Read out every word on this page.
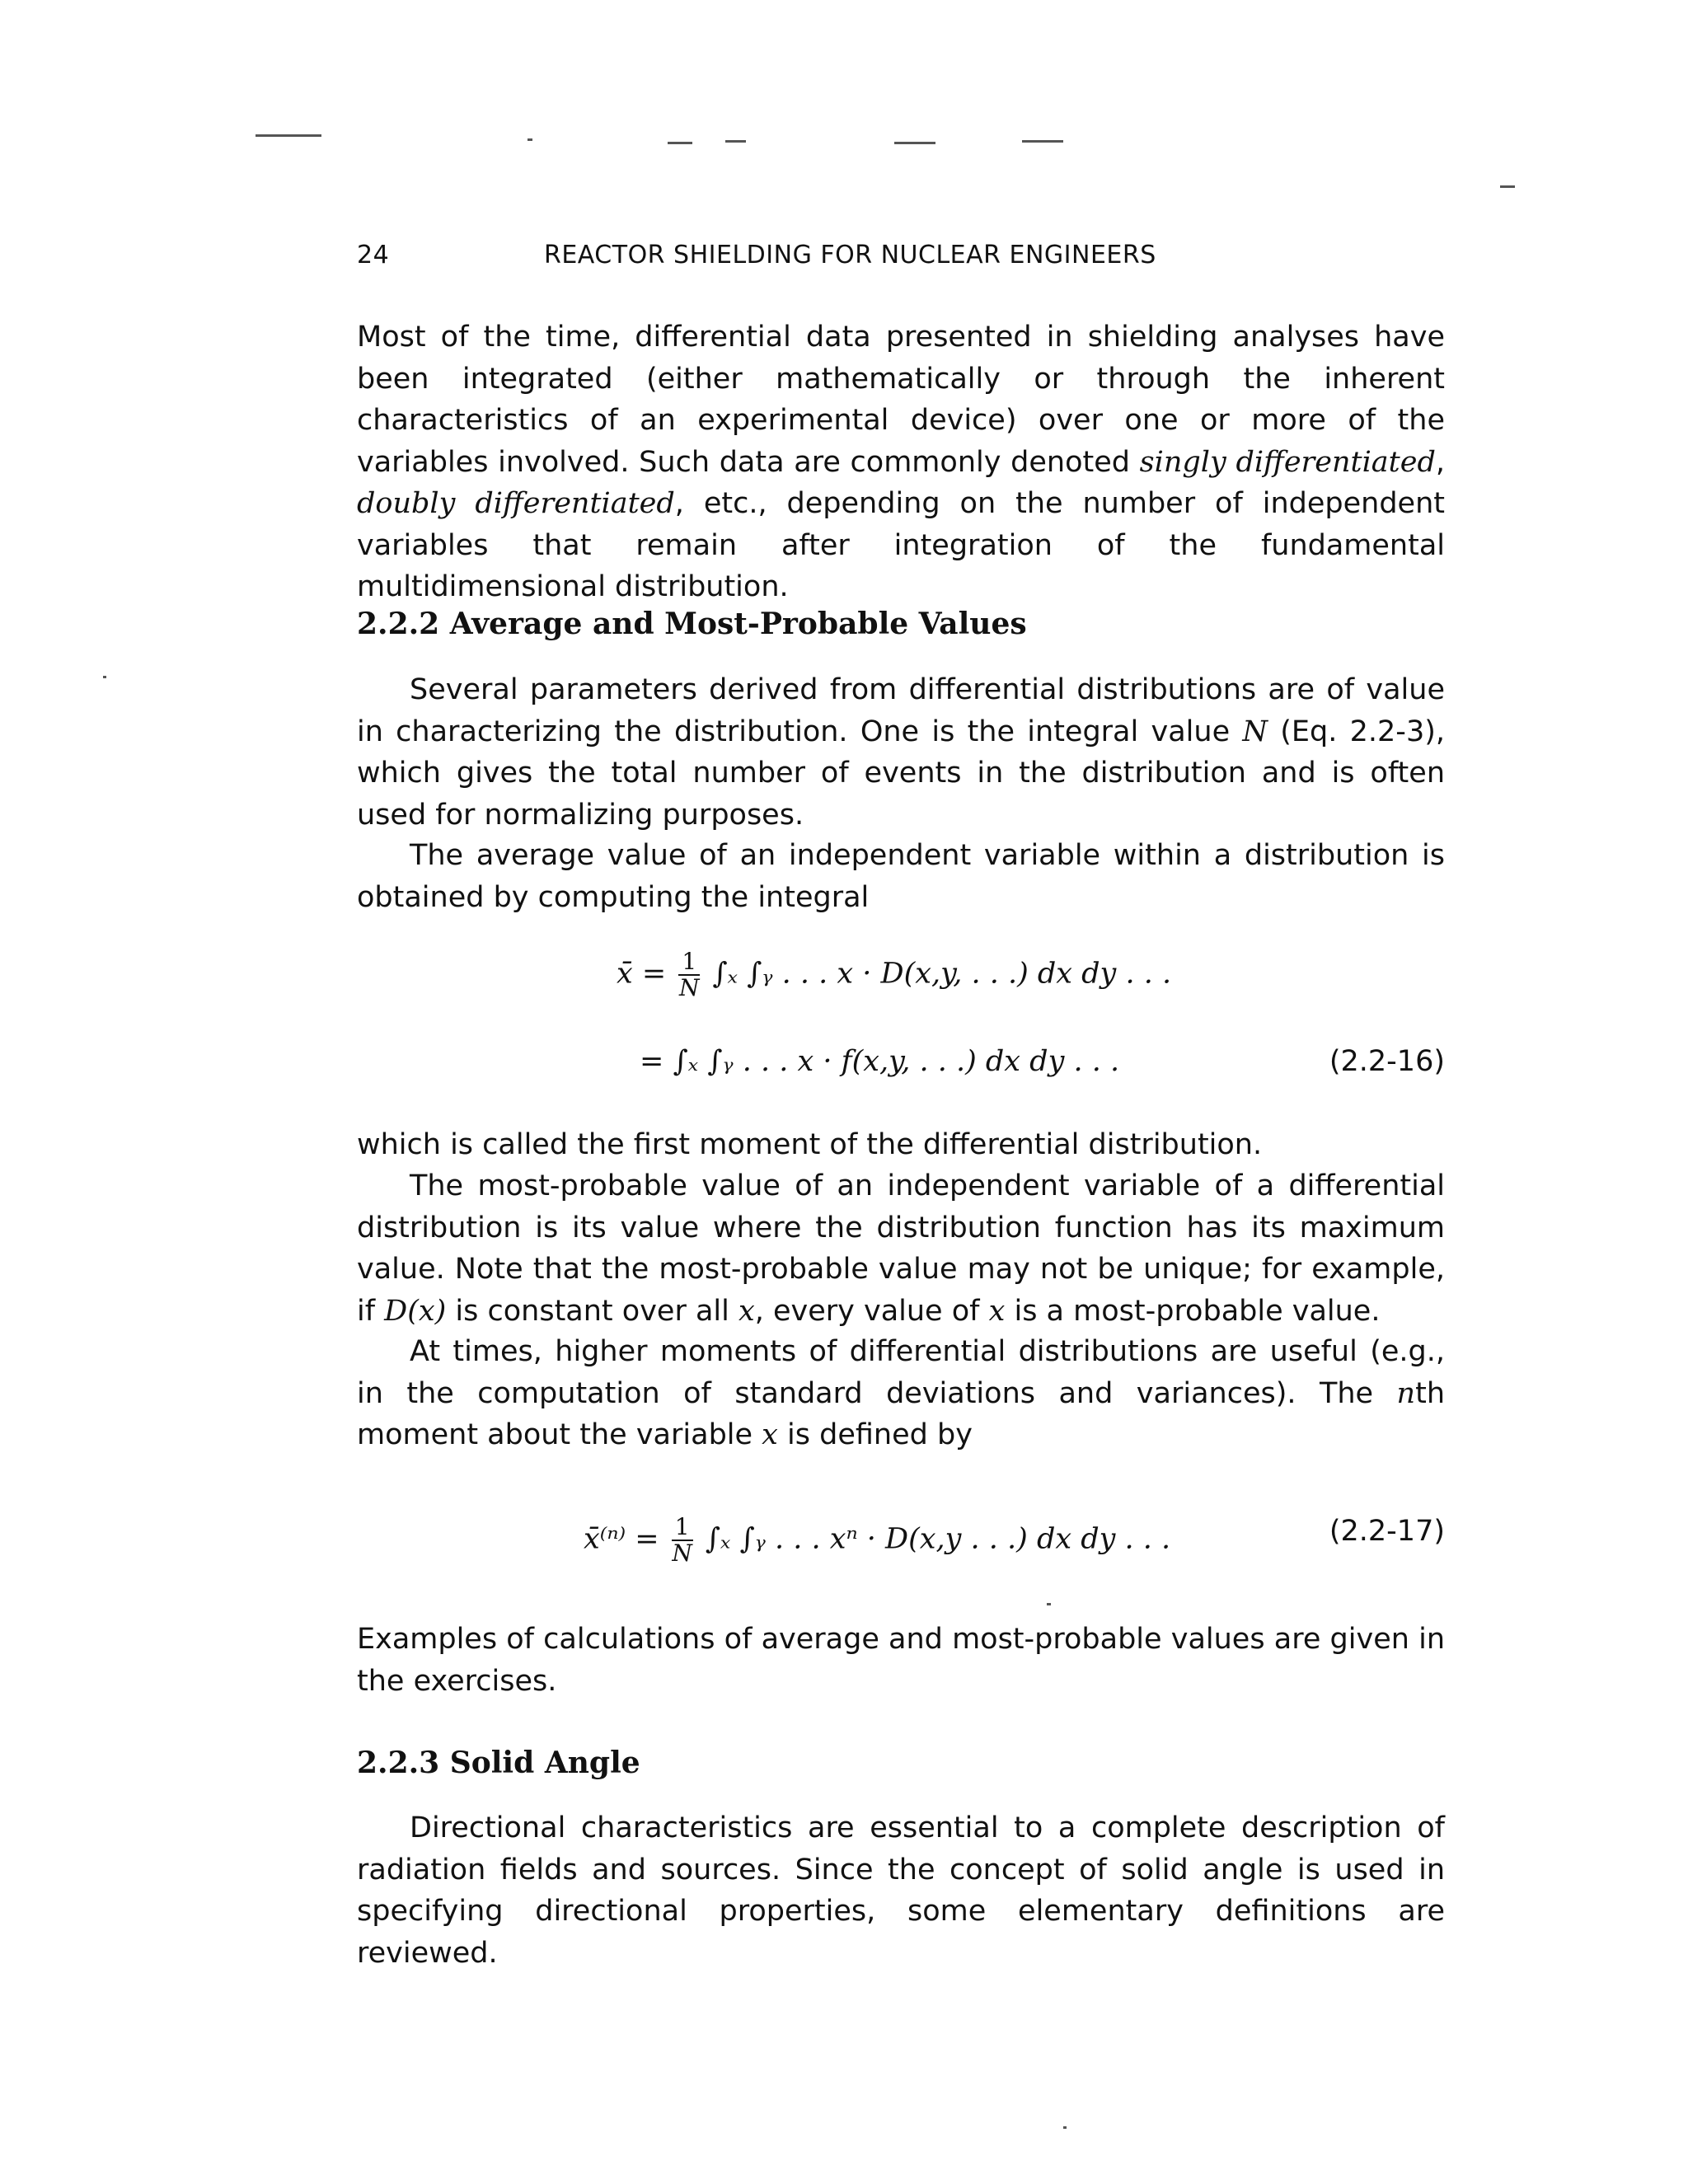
24	REACTOR SHIELDING FOR NUCLEAR ENGINEERS

Most of the time, differential data presented in shielding analyses have been integrated (either mathematically or through the inherent characteristics of an experimental device) over one or more of the variables involved. Such data are commonly denoted singly differentiated, doubly differentiated, etc., depending on the number of independent variables that remain after integration of the fundamental multidimensional distribution.

2.2.2 Average and Most-Probable Values

Several parameters derived from differential distributions are of value in characterizing the distribution. One is the integral value N (Eq. 2.2-3), which gives the total number of events in the distribution and is often used for normalizing purposes.

The average value of an independent variable within a distribution is obtained by computing the integral

x̄ = $\frac{1}{N} \int_x$ ∫ᵧ . . . x · D(x,y, . . .) dx dy . . .
= ∫ₓ ∫ᵧ . . . x · f(x,y, . . .) dx dy . . .	(2.2-16)

which is called the first moment of the differential distribution.

The most-probable value of an independent variable of a differential distribution is its value where the distribution function has its maximum value. Note that the most-probable value may not be unique; for example, if D(x) is constant over all x, every value of x is a most-probable value.

At times, higher moments of differential distributions are useful (e.g., in the computation of standard deviations and variances). The nth moment about the variable x is defined by

x̄⁽ⁿ⁾ = $\frac{1}{N} \int_x$ ∫ᵧ . . . xⁿ · D(x,y . . .) dx dy . . .	(2.2-17)

Examples of calculations of average and most-probable values are given in the exercises.

2.2.3 Solid Angle

Directional characteristics are essential to a complete description of radiation fields and sources. Since the concept of solid angle is used in specifying directional properties, some elementary definitions are reviewed.
